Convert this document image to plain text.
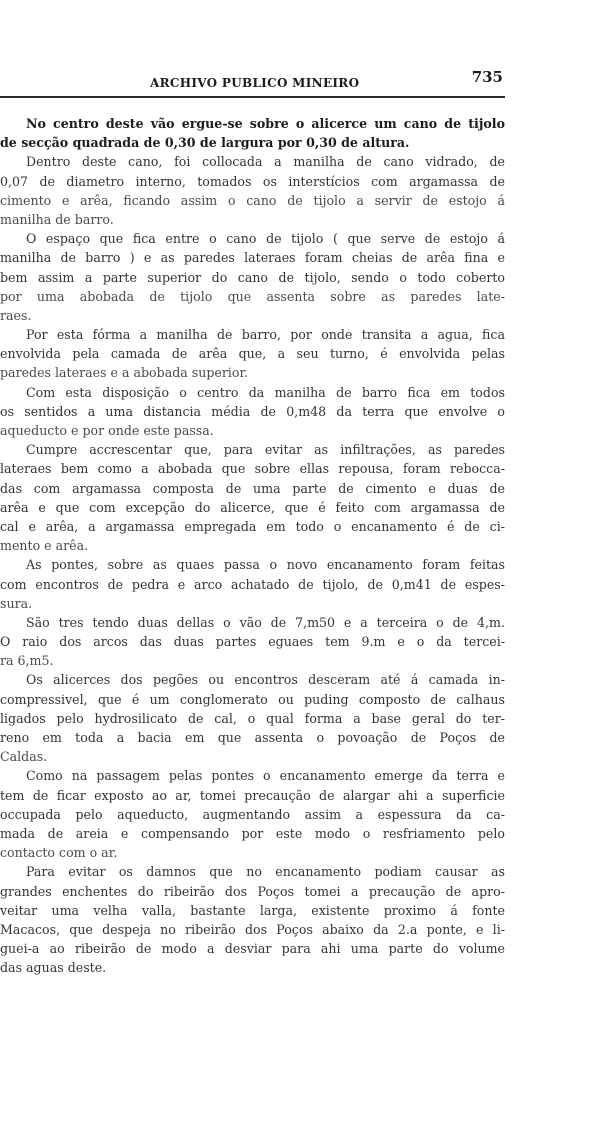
ARCHIVO PUBLICO MINEIRO	735
No centro deste vão ergue-se sobre o alicerce um cano de tijolo
de secção quadrada de 0,30 de largura por 0,30 de altura.
Dentro deste cano, foi collocada a manilha de cano vidrado, de
0,07 de diametro interno, tomados os interstícios com argamassa de
cimento e arêa, ficando assim o cano de tijolo a servir de estojo á
manilha de barro.
O espaço que fica entre o cano de tijolo ( que serve de estojo á
manilha de barro ) e as paredes lateraes foram cheias de arêa fina e
bem assim a parte superior do cano de tijolo, sendo o todo coberto
por uma abobada de tijolo que assenta sobre as paredes late-
raes.
Por esta fórma a manilha de barro, por onde transita a agua, fica
envolvida pela camada de arêa que, a seu turno, é envolvida pelas
paredes lateraes e a abobada superior.
Com esta disposição o centro da manilha de barro fica em todos
os sentidos a uma distancia média de 0,m48 da terra que envolve o
aqueducto e por onde este passa.
Cumpre accrescentar que, para evitar as infiltrações, as paredes
lateraes bem como a abobada que sobre ellas repousa, foram rebocca-
das com argamassa composta de uma parte de cimento e duas de
arêa e que com excepção do alicerce, que é feito com argamassa de
cal e arêa, a argamassa empregada em todo o encanamento é de ci-
mento e arêa.
As pontes, sobre as quaes passa o novo encanamento foram feitas
com encontros de pedra e arco achatado de tijolo, de 0,m41 de espes-
sura.
São tres tendo duas dellas o vão de 7,m50 e a terceira o de 4,m.
O raio dos arcos das duas partes eguaes tem 9.m e o da tercei-
ra 6,m5.
Os alicerces dos pegões ou encontros desceram até á camada in-
compressivel, que é um conglomerato ou puding composto de calhaus
ligados pelo hydrosilicato de cal, o qual forma a base geral do ter-
reno em toda a bacia em que assenta o povoação de Poços de
Caldas.
Como na passagem pelas pontes o encanamento emerge da terra e
tem de ficar exposto ao ar, tomei precaução de alargar ahi a superficie
occupada pelo aqueducto, augmentando assim a espessura da ca-
mada de areia e compensando por este modo o resfriamento pelo
contacto com o ar.
Para evitar os damnos que no encanamento podiam causar as
grandes enchentes do ribeirão dos Poços tomei a precaução de apro-
veitar uma velha valla, bastante larga, existente proximo á fonte
Macacos, que despeja no ribeirão dos Poços abaixo da 2.a ponte, e li-
guei-a ao ribeirão de modo a desviar para ahi uma parte do volume
das aguas deste.
